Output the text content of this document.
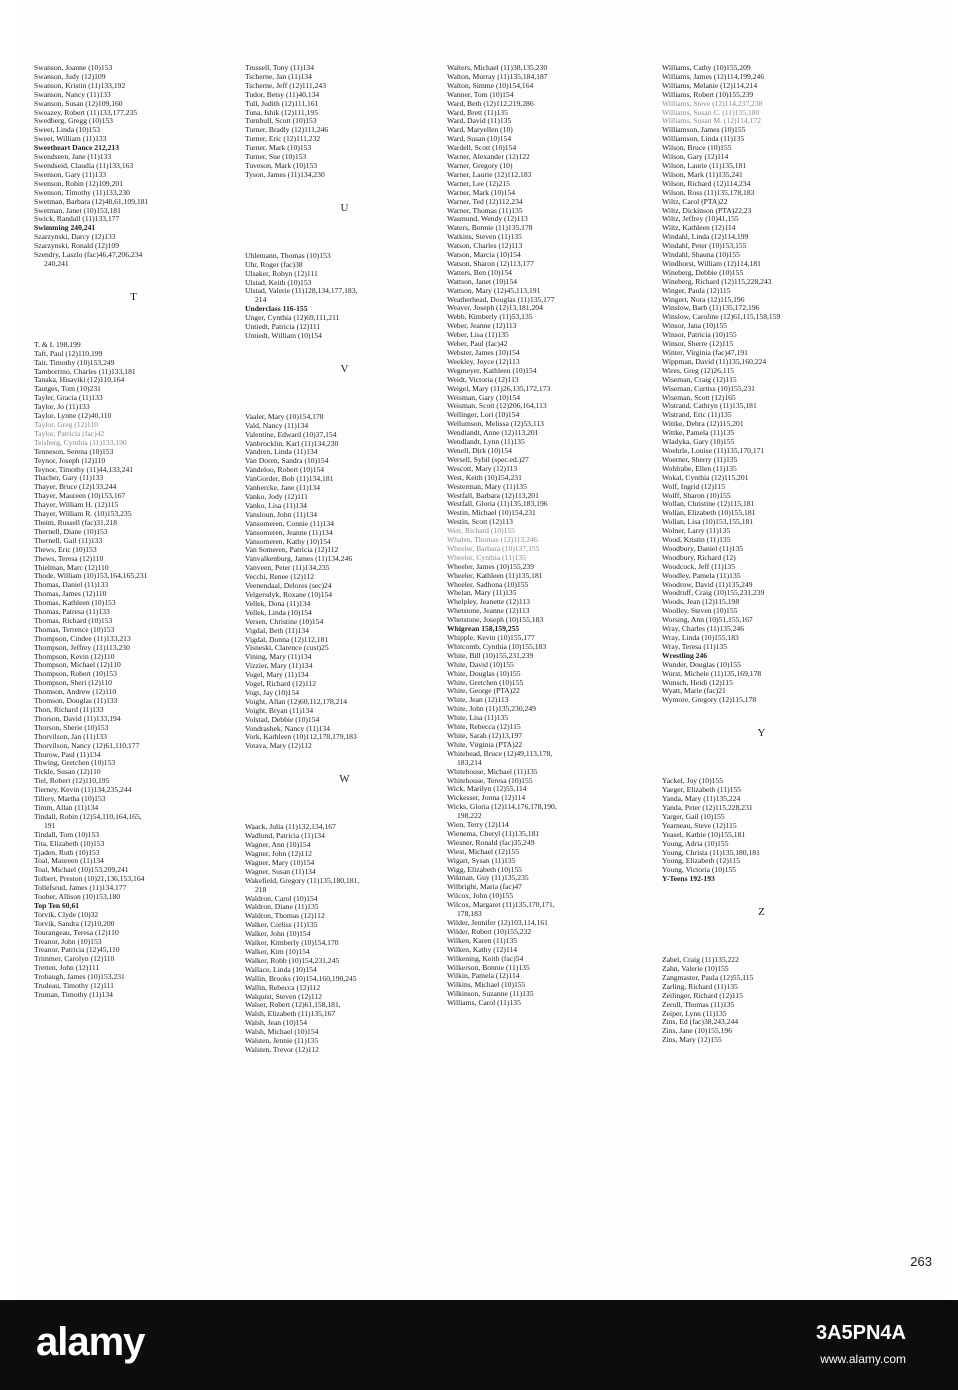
Swanson, Joanne (10)153
Swanson, Judy (12)109
Swanson, Kristin (11)133,192
Swanson, Nancy (11)133
Swanson, Susan (12)109,160
Sweazey, Robert (11)133,177,235
Swedberg, Gregg (10)153
Sweet, Linda (10)153
Sweet, William (11)133
Sweetheart Dance 212,213
Swendseen, Jane (11)133
Swendseid, Claudia (11)133,163
Swenson, Gary (11)133
Swenson, Robin (12)109,201
Swenson, Timothy (11)133,230
Swetman, Barbara (12)48,61,109,181
Swetman, Janet (10)153,181
Swick, Randall (11)133,177
Swimming 240,241
Szarzynski, Darcy (12)133
Szarzynski, Ronald (12)109
Szendry, Laszlo (fac)46,47,206,234
240,241
T
T. & I. 198,199
Taft, Paul (12)110,199
Tait, Timothy (10)153,249
Tamborrino, Charles (11)133,181
Tanaka, Hisaviki (12)110,164
Tautges, Tom (10)231
Tayler, Gracia (11)133
Taylor, Jo (11)133
Taylor, Lynne (12)40,110
Taylor, Greg (12)110
Taylor, Patricia (fac)42
Teisberg, Cynthia (11)133,190
Tenneson, Serena (10)153
Teynor, Joseph (12)110
Teynor, Timothy (11)44,133,241
Thacher, Gary (11)133
Thayer, Bruce (12)133,244
Thayer, Maureen (10)153,167
Thayer, William H. (12)115
Thayer, William R. (10)153,235
Theim, Russell (fac)31,218
Thernell, Diane (10)153
Thernell, Gail (11)133
Thews, Eric (10)153
Thews, Teresa (12)110
Thielman, Marc (12)110
Thode, William (10)153,164,165,231
Thomas, Daniel (11)133
Thomas, James (12)110
Thomas, Kathleen (10)153
Thomas, Patresa (11)133
Thomas, Richard (10)153
Thomas, Terrence (10)153
Thompson, Cindee (11)133,213
Thompson, Jeffrey (11)113,230
Thompson, Kevin (12)110
Thompson, Michael (12)110
Thompson, Robert (10)153
Thompson, Sheri (12)110
Thomson, Andrew (12)110
Thomson, Douglas (11)133
Thon, Richard (11)133
Thorson, David (11)133,194
Thorson, Sherie (10)153
Thorvilson, Jan (11)133
Thorvilson, Nancy (12)61,110,177
Thurow, Paul (11)134
Thwing, Gretchen (10)153
Tickle, Susan (12)110
Tiel, Robert (12)110,195
Tierney, Kevin (11)134,235,244
Tillery, Martha (10)153
Timm, Allan (11)134
Tindall, Robin (12)54,110,164,165,
191
Tindall, Tom (10)153
Tita, Elizabeth (10)153
Tjaden, Ruth (10)153
Toal, Maureen (11)134
Toal, Michael (10)153,209,241
Tolbert, Preston (10)21,136,153,164
Tollefsrud, James (11)134,177
Toober, Allison (10)153,180
Top Ten 60,61
Torvik, Clyde (10)32
Torvik, Sandra (12)10,200
Tourangeau, Teresa (12)110
Treanor, John (10)153
Treanor, Patricia (12)45,110
Trimmer, Carolyn (12)110
Tretten, John (12)111
Trobaugh, James (10)153,231
Trudeau, Timothy (12)111
Truman, Timothy (11)134
Trussell, Tony (11)134
Tscherne, Jan (11)134
Tscherne, Jeff (12)111,243
Tudor, Betsy (11)40,134
Tull, Judith (12)111,161
Tuna, Ishik (12)111,195
Turnbull, Scott (10)153
Turner, Bradly (12)111,246
Turner, Eric (12)111,232
Turner, Mark (10)153
Turner, Sue (10)153
Tuveson, Mark (10)153
Tyson, James (11)134,230
U
Uhlemann, Thomas (10)153
Uhr, Roger (fac)38
Ulsaker, Robyn (12)111
Ulstad, Keith (10)153
Ulstad, Valerie (11)128,134,177,183,
214
Underclass 116-155
Unger, Cynthia (12)69,111,211
Untiedt, Patricia (12)111
Untiedt, William (10)154
V
Vaaler, Mary (10)154,178
Vald, Nancy (11)134
Valentine, Edward (10)37,154
Vanbrocklin, Karl (11)134,230
Vandren, Linda (11)134
Van Doren, Sandra (10)154
Vandeloo, Robert (10)154
VanGorder, Bob (11)134,181
Vanhercke, Jane (11)134
Vanko, Jody (12)111
Vanko, Lisa (11)134
Vansloun, John (11)134
Vansomeren, Connie (11)134
Vansomeren, Jeanne (11)134
Vansomeren, Kathy (10)154
Van Someren, Patricia (12)112
Vanvalkenburg, James (11)134,246
Vanveen, Peter (11)134,235
Vecchi, Renee (12)112
Veenendaal, Delores (sec)24
Velgersdyk, Roxane (10)154
Vellek, Dona (11)134
Vellek, Linda (10)154
Versen, Christine (10)154
Vigdal, Beth (11)134
Vigdal, Donna (12)112,181
Visneski, Clarence (cust)25
Vining, Mary (11)134
Vizzier, Mary (11)134
Vogel, Mary (11)134
Vogel, Richard (12)112
Vogt, Jay (10)154
Voight, Allan (12)60,112,178,214
Voight, Bryan (11)134
Volstad, Debbie (10)154
Vondrashek, Nancy (11)134
Vork, Karhleen (10)112,178,179,183
Votava, Mary (12)112
W
Waack, Julia (11)132,134,167
Wadlund, Patricia (11)134
Wagner, Ann (10)154
Wagner, John (12)112
Wagner, Mary (10)154
Wagner, Susan (11)134
Wakefield, Gregory (11)135,180,181,
218
Waldron, Carol (10)154
Waldron, Diane (11)135
Waldron, Thomas (12)112
Walker, Corliss (11)135
Walker, John (10)154
Walker, Kimberly (10)154,170
Walker, Kim (10)154
Walker, Robb (10)154,231,245
Wallace, Linda (10)154
Wallin, Brooks (10)154,160,190,245
Wallin, Rebecca (12)112
Walquist, Steven (12)112
Walser, Robert (12)61,158,181,
Walsh, Elizabeth (11)135,167
Walsh, Jean (10)154
Walsh, Michael (10)154
Walsten, Jennie (11)135
Walsten, Trevor (12)112
Walters, Michael (11)38,135,230
Walton, Murray (11)135,184,187
Walton, Simme (10)154,164
Wanner, Tom (10)154
Ward, Beth (12)112,219,286
Ward, Brett (11)135
Ward, David (11)135
Ward, Maryellen (10)
Ward, Susan (10)154
Wardell, Scott (10)154
Warner, Alexander (12)122
Warner, Gregory (10)
Warner, Laurie (12)112,183
Warner, Lee (12)215
Warner, Mark (10)154
Warner, Ted (12)112,234
Warner, Thomas (11)135
Wasmund, Wendy (12)113
Waters, Bonnie (11)135,178
Watkins, Steven (11)135
Watson, Charles (12)113
Watson, Marcia (10)154
Watson, Sharon (12)113,177
Watters, Ben (10)154
Wattson, Janet (10)154
Wattson, Mary (12)45,113,191
Weatherhead, Douglas (11)135,177
Weaver, Joseph (12)13,181,204
Webb, Kimberly (11)53,135
Weber, Jeanne (12)113
Weber, Lisa (11)135
Weber, Paul (fac)42
Webster, James (10)154
Weekley, Joyce (12)113
Wegmeyer, Kathleen (10)154
Weidt, Victoria (12)113
Weigel, Mary (11)26,135,172,173
Weisman, Gary (10)154
Weisman, Scott (12)206,164,113
Wellinger, Lori (10)154
Wellumson, Melissa (12)53,113
Wendlandt, Anne (12)113,201
Wendlandt, Lynn (11)135
Wenell, Dirk (10)154
Wersell, Sybil (spec.ed.)27
Wescott, Mary (12)113
West, Keith (10)154,231
Westerman, Mary (11)135
Westfall, Barbara (12)113,201
Westfall, Gloria (11)135,183,196
Westin, Michael (10)154,231
Westin, Scott (12)113
Wett, Richard (10)155
Whalen, Thomas (12)113,246
Wheeler, Barbara (10)137,155
Wheeler, Cynthia (11)135
Wheeler, James (10)155,239
Wheeler, Kathleen (11)135,181
Wheeler, Sadhona (10)155
Whelan, Mary (11)135
Whelpley, Jeanette (12)113
Whetstone, Jeanne (12)113
Whetstone, Joseph (10)155,183
Whigrean 158,159,255
Whipple, Kevin (10)155,177
Whitcomb, Cynthia (10)155,183
White, Bill (10)155,231,239
White, David (10)155
White, Douglas (10)155
White, Gretchen (10)155
White, George (PTA)22
White, Jean (12)113
White, John (11)135,230,249
White, Lisa (11)135
White, Rebecca (12)115
White, Sarah (12)13,197
White, Virginia (PTA)22
Whitehead, Bruce (12)49,113,178,
183,214
Whitehouse, Michael (11)135
Whitehouse, Teresa (10)155
Wick, Marilyn (12)55,114
Wickesser, Jonna (12)114
Wicks, Gloria (12)114,176,178,190,
198,222
Wien, Terry (12)114
Wienema, Cheryl (11)135,181
Wiesner, Ronald (fac)35,249
Wiest, Michael (12)155
Wigart, Sysan (11)135
Wigg, Elizabeth (10)155
Wikman, Guy (11)135,235
Wilbright, Maria (fac)47
Wilcox, John (10)155
Wilcox, Margaret (11)135,170,171,
178,183
Wilder, Jennifer (12)103,114,161
Wilder, Robert (10)155,232
Wilken, Karen (11)135
Wilken, Kathy (12)114
Wilkening, Keith (fac)54
Wilkerson, Bonnie (11)135
Wilkin, Pamela (12)114
Wilkins, Michael (10)155
Wilkinson, Suzanne (11)135
Williams, Carol (11)135
Williams, Cathy (10)155,209
Williams, James (12)114,199,246
Williams, Melanie (12)114,214
Williams, Robert (10)155,239
Williams, Steve (12)114,237,238
Williams, Susan C. (11)135,180
Williams, Susan M. (12)114,172
Williamson, James (10)155
Williamson, Linda (11)135
Wilson, Bruce (10)155
Wilson, Gary (12)114
Wilson, Laurie (11)135,181
Wilson, Mark (11)135,241
Wilson, Richard (12)114,234
Wilson, Ross (11)135,178,183
Wiltz, Carol (PTA)22
Wiltz, Dickinson (PTA)22,23
Wiltz, Jeffrey (10)41,155
Wiltz, Kathleen (12)114
Windahl, Linda (12)114,199
Windahl, Peter (10)153,155
Windahl, Shauna (10)155
Windhorst, William (12)114,181
Wineberg, Debbie (10)155
Wineberg, Richard (12)115,228,243
Winger, Paula (12)115
Wingert, Nora (12)115,196
Winslow, Barb (11)135,172,196
Winslow, Caroline (12)61,115,158,159
Winsor, Jana (10)155
Winsor, Patricia (10)155
Winsor, Sherre (12)115
Winter, Virginia (fac)47,191
Wippman, David (11)135,160,224
Wires, Greg (12)26,115
Wiseman, Craig (12)115
Wiseman, Curtiss (10)155,231
Wiseman, Scott (12)165
Wistrand, Cathryn (11)135,181
Wistrand, Eric (11)135
Wittke, Debra (12)115,201
Wittke, Pamela (11)135
Wladyka, Gary (10)155
Woehrle, Louise (11)135,170,171
Woerner, Sherry (11)135
Wohlrabe, Ellen (11)135
Wokal, Cynthia (12)115,201
Wolf, Ingrid (12)115
Wolff, Sharon (10)155
Wollan, Christine (12)115,181
Wollan, Elizabeth (10)155,181
Wollan, Lisa (10)153,155,181
Wolner, Larry (11)135
Wood, Kristin (11)135
Woodbury, Daniel (11)135
Woodbury, Richard (12)
Woodcock, Jeff (11)135
Woodley, Pamela (11)135
Woodrow, David (11)135,249
Woodruff, Craig (10)155,231,239
Woods, Jean (12)115,198
Woolley, Steven (10)155
Worsing, Ann (10)51,155,167
Wray, Charles (11)135,246
Wray, Linda (10)155,183
Wray, Teresa (11)135
Wrestling 246
Wunder, Douglas (10)155
Wurst, Michele (11)135,169,178
Wunsch, Heidi (12)115
Wyatt, Marie (fac)21
Wymore, Gregory (12)115,178
Y
Yackel, Joy (10)155
Yaeger, Elizabeth (11)155
Yanda, Mary (11)135,224
Yanda, Peter (12)115,228,231
Yarger, Gail (10)155
Yearneau, Steve (12)115
Yeasel, Kathie (10)155,181
Young, Adria (10)155
Young, Christa (11)135,180,181
Young, Elizabeth (12)115
Young, Victoria (10)155
Y-Teens 192-193
Z
Zabel, Craig (11)135,222
Zahn, Valerie (10)155
Zangmaster, Paula (12)55,115
Zarling, Richard (11)135
Zeilinger, Richard (12)115
Zerull, Thomas (11)135
Zeiper, Lynn (11)135
Zins, Ed (fac)38,243,244
Zins, Jane (10)155,196
Zins, Mary (12)155
263
alamy	3A5PN4A
www.alamy.com
